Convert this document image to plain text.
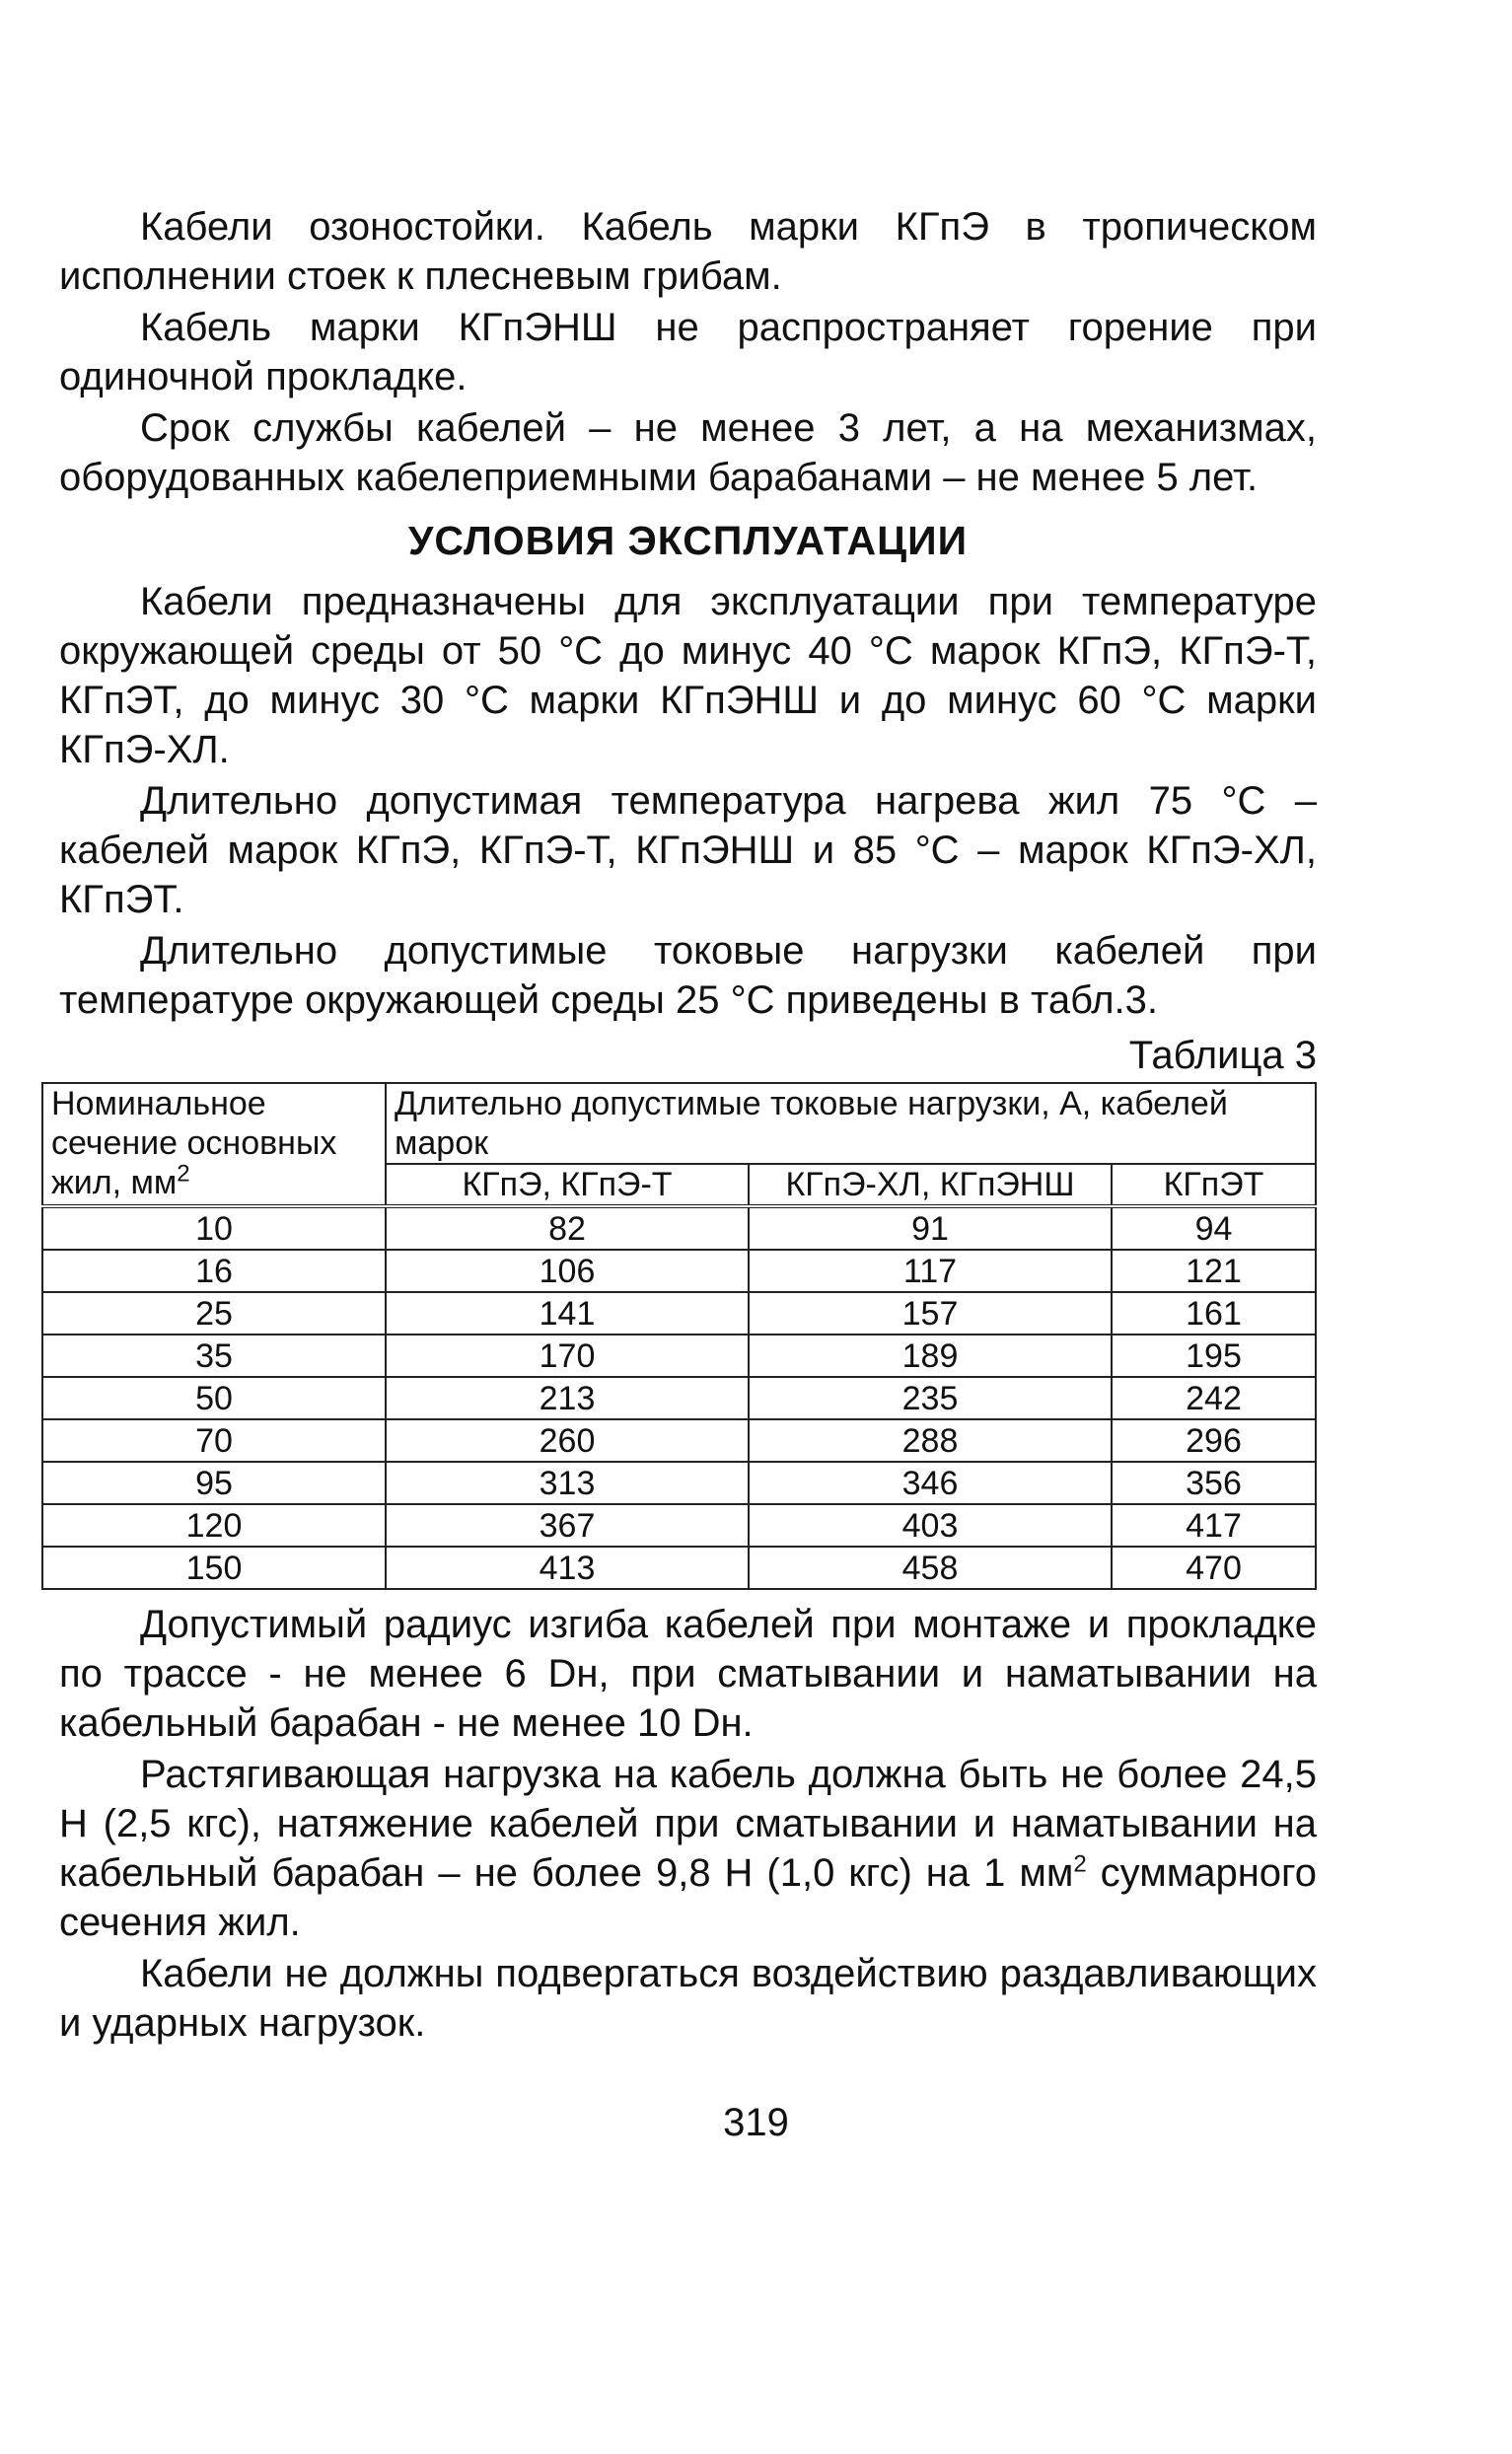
Кабели озоностойки. Кабель марки КГпЭ в тропическом исполнении стоек к плесневым грибам.

Кабель марки КГпЭНШ не распространяет горение при одиночной прокладке.

Срок службы кабелей – не менее 3 лет, а на механизмах, оборудованных кабелеприемными барабанами – не менее 5 лет.

УСЛОВИЯ ЭКСПЛУАТАЦИИ

Кабели предназначены для эксплуатации при температуре окружающей среды от 50 °С до минус 40 °С марок КГпЭ, КГпЭ-Т, КГпЭТ, до минус 30 °С марки КГпЭНШ и до минус 60 °С марки КГпЭ-ХЛ.

Длительно допустимая температура нагрева жил 75 °С – кабелей марок КГпЭ, КГпЭ-Т, КГпЭНШ и 85 °С – марок КГпЭ-ХЛ, КГпЭТ.

Длительно допустимые токовые нагрузки кабелей при температуре окружающей среды 25 °С приведены в табл.3.

Таблица 3
Номинальное сечение основных жил, $мм^2$	Длительно допустимые токовые нагрузки, А, кабелей марок		
	КГпЭ, КГпЭ-Т	КГпЭ-ХЛ, КГпЭНШ	КГпЭТ
10	82	91	94
16	106	117	121
25	141	157	161
35	170	189	195
50	213	235	242
70	260	288	296
95	313	346	356
120	367	403	417
150	413	458	470

Допустимый радиус изгиба кабелей при монтаже и прокладке по трассе - не менее 6 Dн, при сматывании и наматывании на кабельный барабан - не менее 10 Dн.

Растягивающая нагрузка на кабель должна быть не более 24,5 Н (2,5 кгс), натяжение кабелей при сматывании и наматывании на кабельный барабан – не более 9,8 Н (1,0 кгс) на 1 $мм^2$ суммарного сечения жил.

Кабели не должны подвергаться воздействию раздавливающих и ударных нагрузок.

319
